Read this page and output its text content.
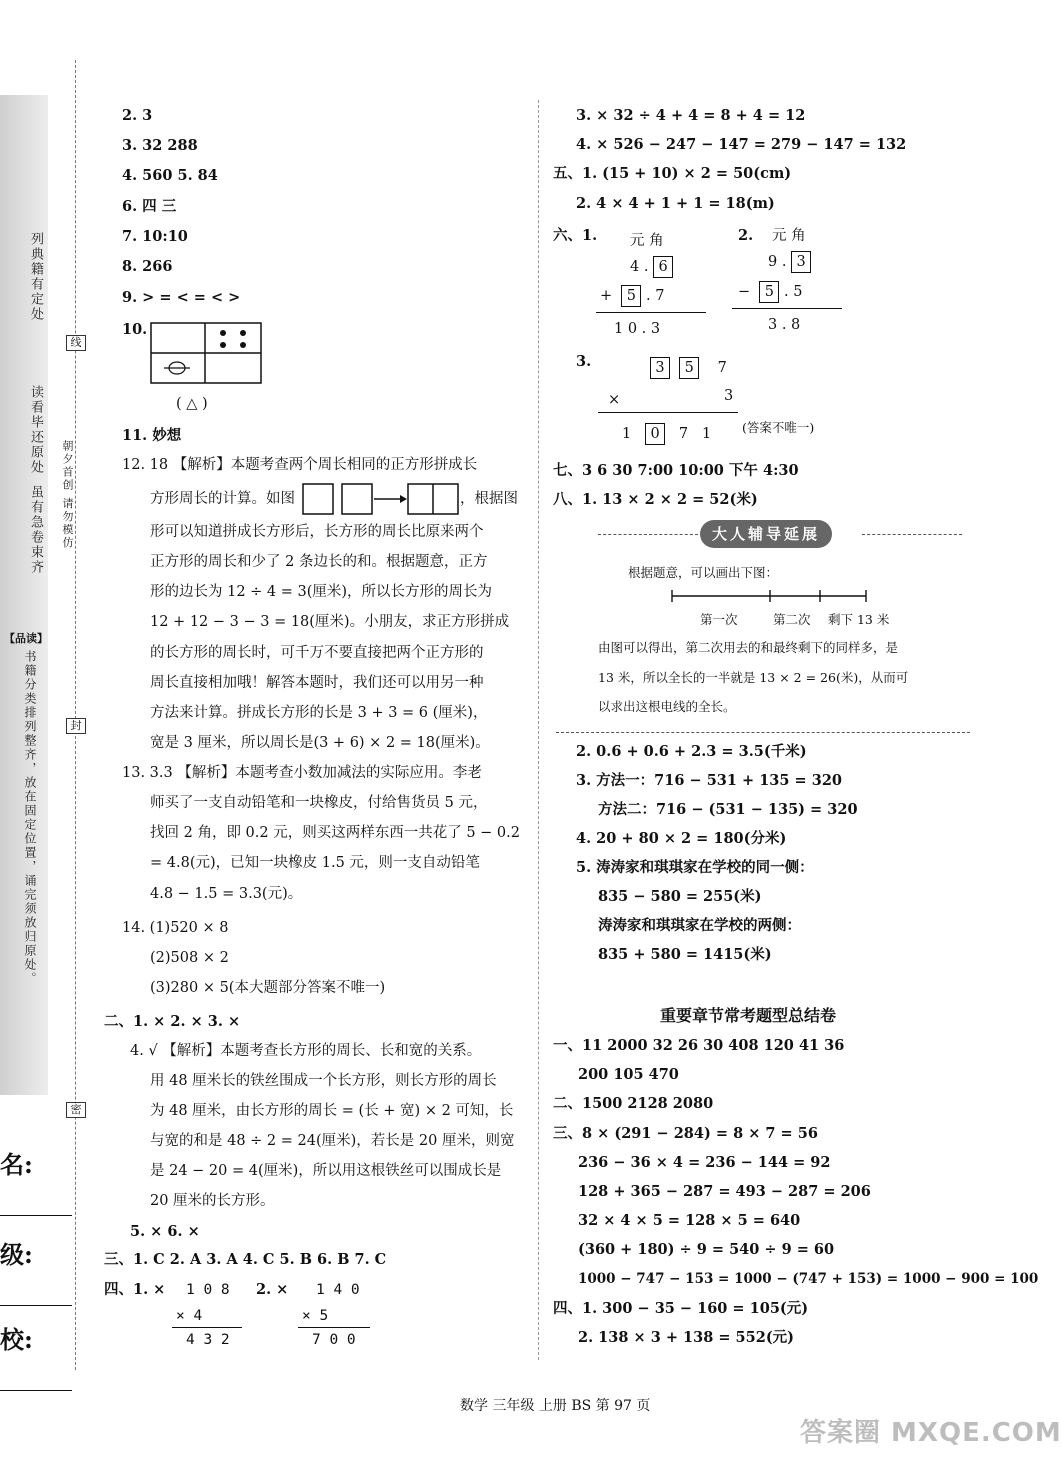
列典籍有定处
读看毕还原处
虽有急卷束齐 朝夕首创 请勿模仿
【品读】
书籍分类排列整齐，放在固定位置，诵完须放归原处。
线
封
密
名:
级:
校:
2. 3
3. 32 288
4. 560 5. 84
6. 四 三
7. 10:10
8. 266
9. > = < = < >
10.
( △ )
11. 妙想
12. 18 【解析】本题考查两个周长相同的正方形拼成长
方形周长的计算。如图	，根据图
形可以知道拼成长方形后，长方形的周长比原来两个
正方形的周长和少了 2 条边长的和。根据题意，正方
形的边长为 12 ÷ 4 = 3(厘米)，所以长方形的周长为
12 + 12 − 3 − 3 = 18(厘米)。小朋友，求正方形拼成
的长方形的周长时，可千万不要直接把两个正方形的
周长直接相加哦！解答本题时，我们还可以用另一种
方法来计算。拼成长方形的长是 3 + 3 = 6 (厘米)，
宽是 3 厘米，所以周长是(3 + 6) × 2 = 18(厘米)。
13. 3.3 【解析】本题考查小数加减法的实际应用。李老
师买了一支自动铅笔和一块橡皮，付给售货员 5 元，
找回 2 角，即 0.2 元，则买这两样东西一共花了 5 − 0.2
= 4.8(元)，已知一块橡皮 1.5 元，则一支自动铅笔
4.8 − 1.5 = 3.3(元)。
14. (1)520 × 8
(2)508 × 2
(3)280 × 5(本大题部分答案不唯一)
二、1. × 2. × 3. ×
4. √ 【解析】本题考查长方形的周长、长和宽的关系。
用 48 厘米长的铁丝围成一个长方形，则长方形的周长
为 48 厘米，由长方形的周长 = (长 + 宽) × 2 可知，长
与宽的和是 48 ÷ 2 = 24(厘米)，若长是 20 厘米，则宽
是 24 − 20 = 4(厘米)，所以用这根铁丝可以围成长是
20 厘米的长方形。
5. × 6. ×
三、1. C 2. A 3. A 4. C 5. B 6. B 7. C
四、1. × 1 0 8
× 4
4 3 2
2. × 1 4 0
× 5
7 0 0
3. × 32 ÷ 4 + 4 = 8 + 4 = 12
4. × 526 − 247 − 147 = 279 − 147 = 132
五、1. (15 + 10) × 2 = 50(cm)
2. 4 × 4 + 1 + 1 = 18(m)
六、1. 元 角
4 . 6
+ 5 . 7
1 0 . 3
2. 元 角
9 . 3
− 5 . 5
3 . 8
3.	3 5 7
×	3
1 0 7 1 (答案不唯一)
七、3 6 30 7:00 10:00 下午 4:30
八、1. 13 × 2 × 2 = 52(米)
大人辅导延展
根据题意，可以画出下图：
第一次	第二次 剩下 13 米
由图可以得出，第二次用去的和最终剩下的同样多，是
13 米，所以全长的一半就是 13 × 2 = 26(米)，从而可
以求出这根电线的全长。
2. 0.6 + 0.6 + 2.3 = 3.5(千米)
3. 方法一：716 − 531 + 135 = 320
方法二：716 − (531 − 135) = 320
4. 20 + 80 × 2 = 180(分米)
5. 涛涛家和琪琪家在学校的同一侧：
835 − 580 = 255(米)
涛涛家和琪琪家在学校的两侧：
835 + 580 = 1415(米)
重要章节常考题型总结卷
一、11 2000 32 26 30 408 120 41 36
200 105 470
二、1500 2128 2080
三、8 × (291 − 284) = 8 × 7 = 56
236 − 36 × 4 = 236 − 144 = 92
128 + 365 − 287 = 493 − 287 = 206
32 × 4 × 5 = 128 × 5 = 640
(360 + 180) ÷ 9 = 540 ÷ 9 = 60
1000 − 747 − 153 = 1000 − (747 + 153) = 1000 − 900 = 100
四、1. 300 − 35 − 160 = 105(元)
2. 138 × 3 + 138 = 552(元)
数学 三年级 上册 BS 第 97 页
答案圈 MXQE.COM
